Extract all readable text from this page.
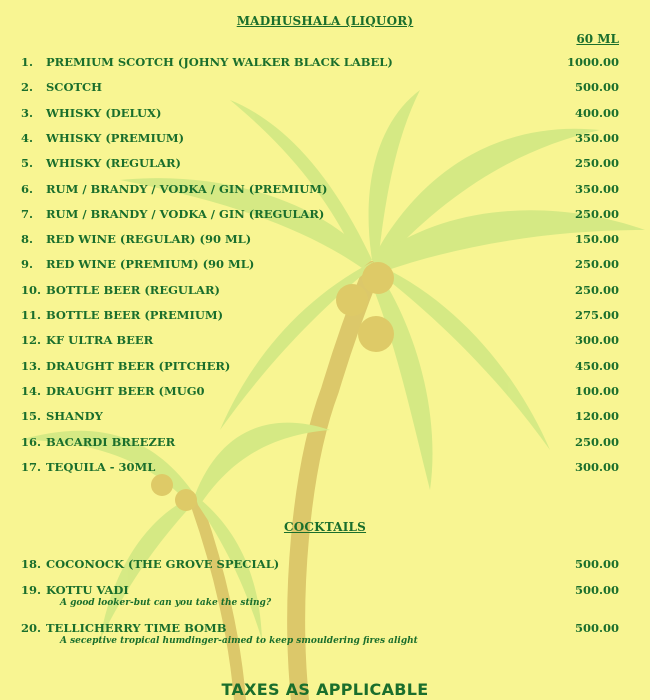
MADHUSHALA (LIQUOR)
60 ML
1. PREMIUM SCOTCH (JOHNY WALKER BLACK LABEL)	1000.00
2. SCOTCH	500.00
3. WHISKY (DELUX)	400.00
4. WHISKY (PREMIUM)	350.00
5. WHISKY (REGULAR)	250.00
6. RUM / BRANDY / VODKA / GIN (PREMIUM)	350.00
7. RUM / BRANDY / VODKA / GIN (REGULAR)	250.00
8. RED WINE (REGULAR) (90 ML)	150.00
9. RED WINE (PREMIUM) (90 ML)	250.00
10. BOTTLE BEER (REGULAR)	250.00
11. BOTTLE BEER (PREMIUM)	275.00
12. KF ULTRA BEER	300.00
13. DRAUGHT BEER (PITCHER)	450.00
14. DRAUGHT BEER (MUG0	100.00
15. SHANDY	120.00
16. BACARDI BREEZER	250.00
17. TEQUILA - 30ML	300.00
COCKTAILS
18. COCONOCK (THE GROVE SPECIAL)	500.00
19. KOTTU VADI	500.00
A good looker-but can you take the sting?
20. TELLICHERRY TIME BOMB	500.00
A seceptive tropical humdinger-aimed to keep smouldering fires alight
TAXES AS APPLICABLE
